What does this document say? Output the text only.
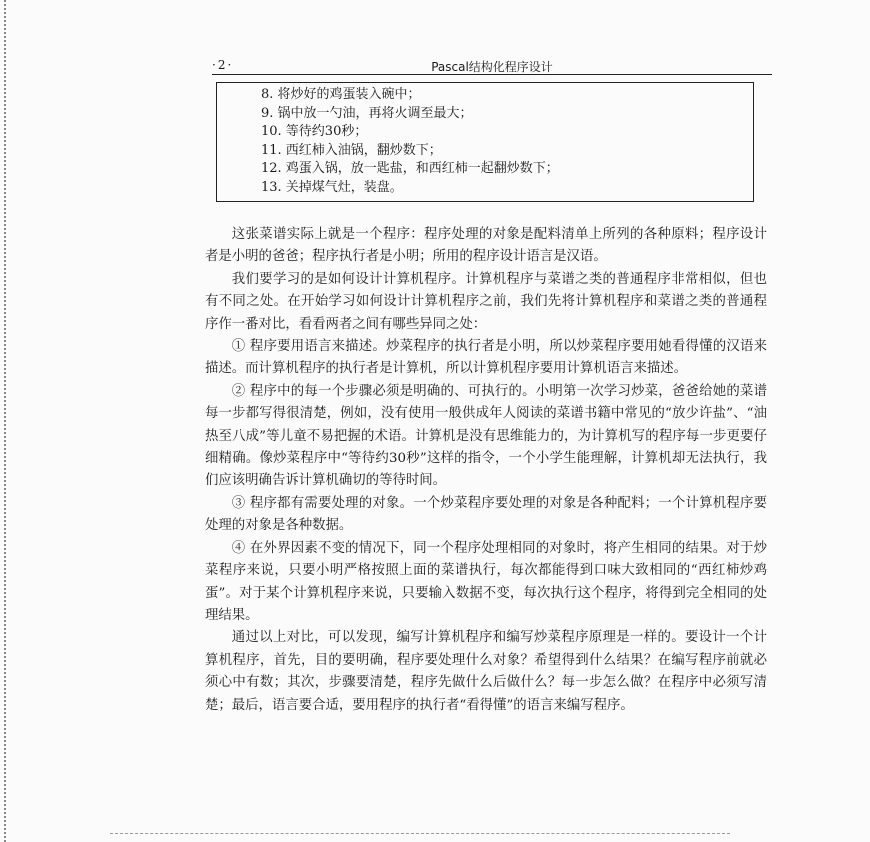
·2·	Pascal结构化程序设计
8. 将炒好的鸡蛋装入碗中；
9. 锅中放一勺油，再将火调至最大；
10. 等待约30秒；
11. 西红柿入油锅，翻炒数下；
12. 鸡蛋入锅，放一匙盐，和西红柿一起翻炒数下；
13. 关掉煤气灶，装盘。

这张菜谱实际上就是一个程序：程序处理的对象是配料清单上所列的各种原料；程序设计者是小明的爸爸；程序执行者是小明；所用的程序设计语言是汉语。

我们要学习的是如何设计计算机程序。计算机程序与菜谱之类的普通程序非常相似，但也有不同之处。在开始学习如何设计计算机程序之前，我们先将计算机程序和菜谱之类的普通程序作一番对比，看看两者之间有哪些异同之处：

① 程序要用语言来描述。炒菜程序的执行者是小明，所以炒菜程序要用她看得懂的汉语来描述。而计算机程序的执行者是计算机，所以计算机程序要用计算机语言来描述。

② 程序中的每一个步骤必须是明确的、可执行的。小明第一次学习炒菜，爸爸给她的菜谱每一步都写得很清楚，例如，没有使用一般供成年人阅读的菜谱书籍中常见的“放少许盐”、“油热至八成”等儿童不易把握的术语。计算机是没有思维能力的，为计算机写的程序每一步更要仔细精确。像炒菜程序中“等待约30秒”这样的指令，一个小学生能理解，计算机却无法执行，我们应该明确告诉计算机确切的等待时间。

③ 程序都有需要处理的对象。一个炒菜程序要处理的对象是各种配料；一个计算机程序要处理的对象是各种数据。

④ 在外界因素不变的情况下，同一个程序处理相同的对象时，将产生相同的结果。对于炒菜程序来说，只要小明严格按照上面的菜谱执行，每次都能得到口味大致相同的“西红柿炒鸡蛋”。对于某个计算机程序来说，只要输入数据不变，每次执行这个程序，将得到完全相同的处理结果。

通过以上对比，可以发现，编写计算机程序和编写炒菜程序原理是一样的。要设计一个计算机程序，首先，目的要明确，程序要处理什么对象？希望得到什么结果？在编写程序前就必须心中有数；其次，步骤要清楚，程序先做什么后做什么？每一步怎么做？在程序中必须写清楚；最后，语言要合适，要用程序的执行者“看得懂”的语言来编写程序。
